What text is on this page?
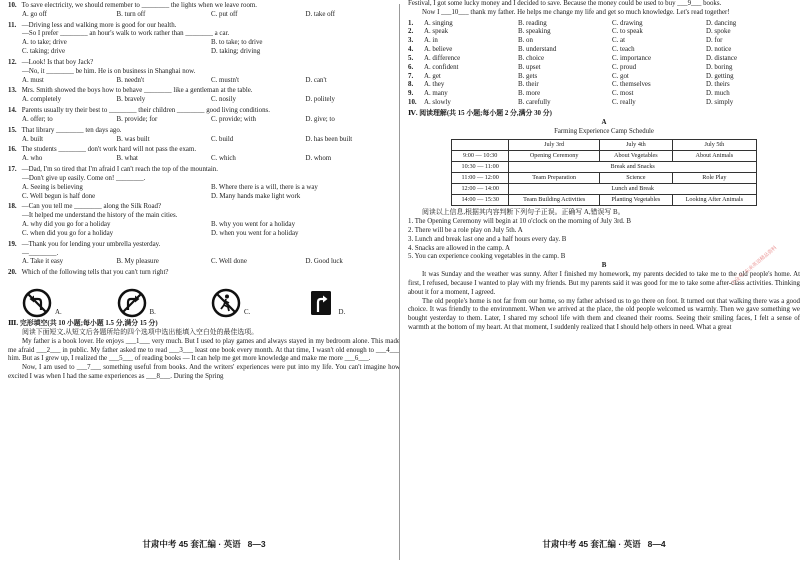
10. To save electricity, we should remember to ________ the lights when we leave room.
A. go off	B. turn off	C. put off	D. take off
11. —Driving less and walking more is good for our health.
—So I prefer ________ an hour's walk to work rather than ________ a car.
A. to take; drive	B. to take; to drive
C. taking; drive	D. taking; driving
12. —Look! Is that boy Jack?
—No, it ________ be him. He is on business in Shanghai now.
A. must	B. needn't	C. mustn't	D. can't
13. Mrs. Smith showed the boys how to behave ________ like a gentleman at the table.
A. completely	B. bravely	C. nosily	D. politely
14. Parents usually try their best to ________ their children ________ good living conditions.
A. offer; to	B. provide; for	C. provide; with	D. give; to
15. That library ________ ten days ago.
A. built	B. was built	C. build	D. has been built
16. The students ________ don't work hard will not pass the exam.
A. who	B. what	C. which	D. whom
17. —Dad, I'm so tired that I'm afraid I can't reach the top of the mountain.
—Don't give up easily. Come on! ________.
A. Seeing is believing	B. Where there is a will, there is a way
C. Well begun is half done	D. Many hands make light work
18. —Can you tell me ________ along the Silk Road?
—It helped me understand the history of the main cities.
A. why did you go for a holiday	B. why you went for a holiday
C. when did you go for a holiday	D. when you went for a holiday
19. —Thank you for lending your umbrella yesterday.
—________.
A. Take it easy	B. My pleasure	C. Well done	D. Good luck
20. Which of the following tells that you can't turn right?
A.	B.	C.	D.
Ⅲ. 完形填空(共 10 小题;每小题 1.5 分,满分 15 分)
阅读下面短文,从短文后各题所给的四个选项中选出能填入空白处的最佳选项。
My father is a book lover. He enjoys ___1___ very much. But I used to play games and always stayed in my bedroom alone. This made me afraid ___2___ in public. My father asked me to read ___3___ least one book every month. At that time, I wasn't old enough to ___4___ him. But as I grew up, I realized the ___5___ of reading books — It can help me get more knowledge and make me more ___6___.
Now, I am used to ___7___ something useful from books. And the writers' experiences were put into my life. You can't imagine how excited I was when I had the same experiences as ___8___. During the Spring
甘肃中考 45 套汇编 · 英语 8—3
Festival, I got some lucky money and I decided to save. Because the money could be used to buy ___9___ books.
Now I ___10___ thank my father. He helps me change my life and get so much knowledge. Let's read together!
1.	A. singing	B. reading	C. drawing	D. dancing
2.	A. speak	B. speaking	C. to speak	D. spoke
3.	A. in	B. on	C. at	D. for
4.	A. believe	B. understand	C. teach	D. notice
5.	A. difference	B. choice	C. importance	D. distance
6.	A. confident	B. upset	C. proud	D. boring
7.	A. get	B. gets	C. got	D. getting
8.	A. they	B. their	C. themselves	D. theirs
9.	A. many	B. more	C. most	D. much
10.	A. slowly	B. carefully	C. really	D. simply
Ⅳ. 阅读理解(共 15 小题;每小题 2 分,满分 30 分)
A
Farming Experience Camp Schedule
	July 3rd	July 4th	July 5th
9:00 — 10:30	Opening Ceremony	About Vegetables	About Animals
10:30 — 11:00	Break and Snacks		
11:00 — 12:00	Team Preparation	Science	Role Play
12:00 — 14:00	Lunch and Break		
14:00 — 15:30	Team Building Activities	Planting Vegetables	Looking After Animals
阅读以上信息,根据其内容判断下列句子正误。正确写 A,错误写 B。
1. The Opening Ceremony will begin at 10 o'clock on the morning of July 3rd. B
2. There will be a role play on July 5th. A
3. Lunch and break last one and a half hours every day. B
4. Snacks are allowed in the camp. A
5. You can experience cooking vegetables in the camp. B
B
It was Sunday and the weather was sunny. After I finished my homework, my parents decided to take me to the old people's home. At first, I refused, because I wanted to play with my friends. But my parents said it was good for me to take some after-class activities. Thinking about it for a moment, I agreed.
The old people's home is not far from our home, so my father advised us to go there on foot. It turned out that walking there was a good choice. It was friendly to the environment. When we arrived at the place, the old people welcomed us warmly. Then we gave something we bought yesterday to them. Later, I shared my school life with them and cleaned their rooms. Seeing their smiling faces, I felt a sense of warmth at the bottom of my heart. At that moment, I suddenly realized that I should help others in need. What a great
甘肃中考 45 套汇编 · 英语 8—4
公众号: 东来英语精品资料
